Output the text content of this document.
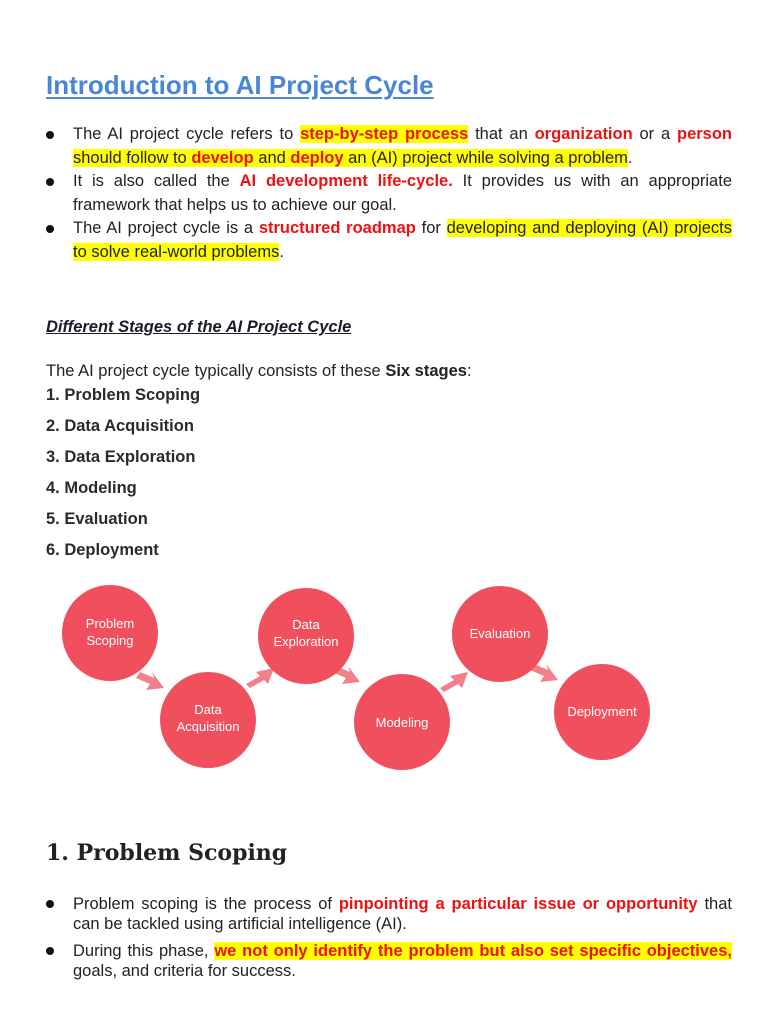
Introduction to AI Project Cycle
The AI project cycle refers to step-by-step process that an organization or a person should follow to develop and deploy an (AI) project while solving a problem.
It is also called the AI development life-cycle. It provides us with an appropriate framework that helps us to achieve our goal.
The AI project cycle is a structured roadmap for developing and deploying (AI) projects to solve real-world problems.
Different Stages of the AI Project Cycle

The AI project cycle typically consists of these Six stages:

1. Problem Scoping
2. Data Acquisition
3. Data Exploration
4. Modeling
5. Evaluation
6. Deployment
Problem
Scoping
Data
Acquisition
Data
Exploration
Modeling
Evaluation
Deployment
1. Problem Scoping
Problem scoping is the process of pinpointing a particular issue or opportunity that can be tackled using artificial intelligence (AI).
During this phase, we not only identify the problem but also set specific objectives, goals, and criteria for success.
